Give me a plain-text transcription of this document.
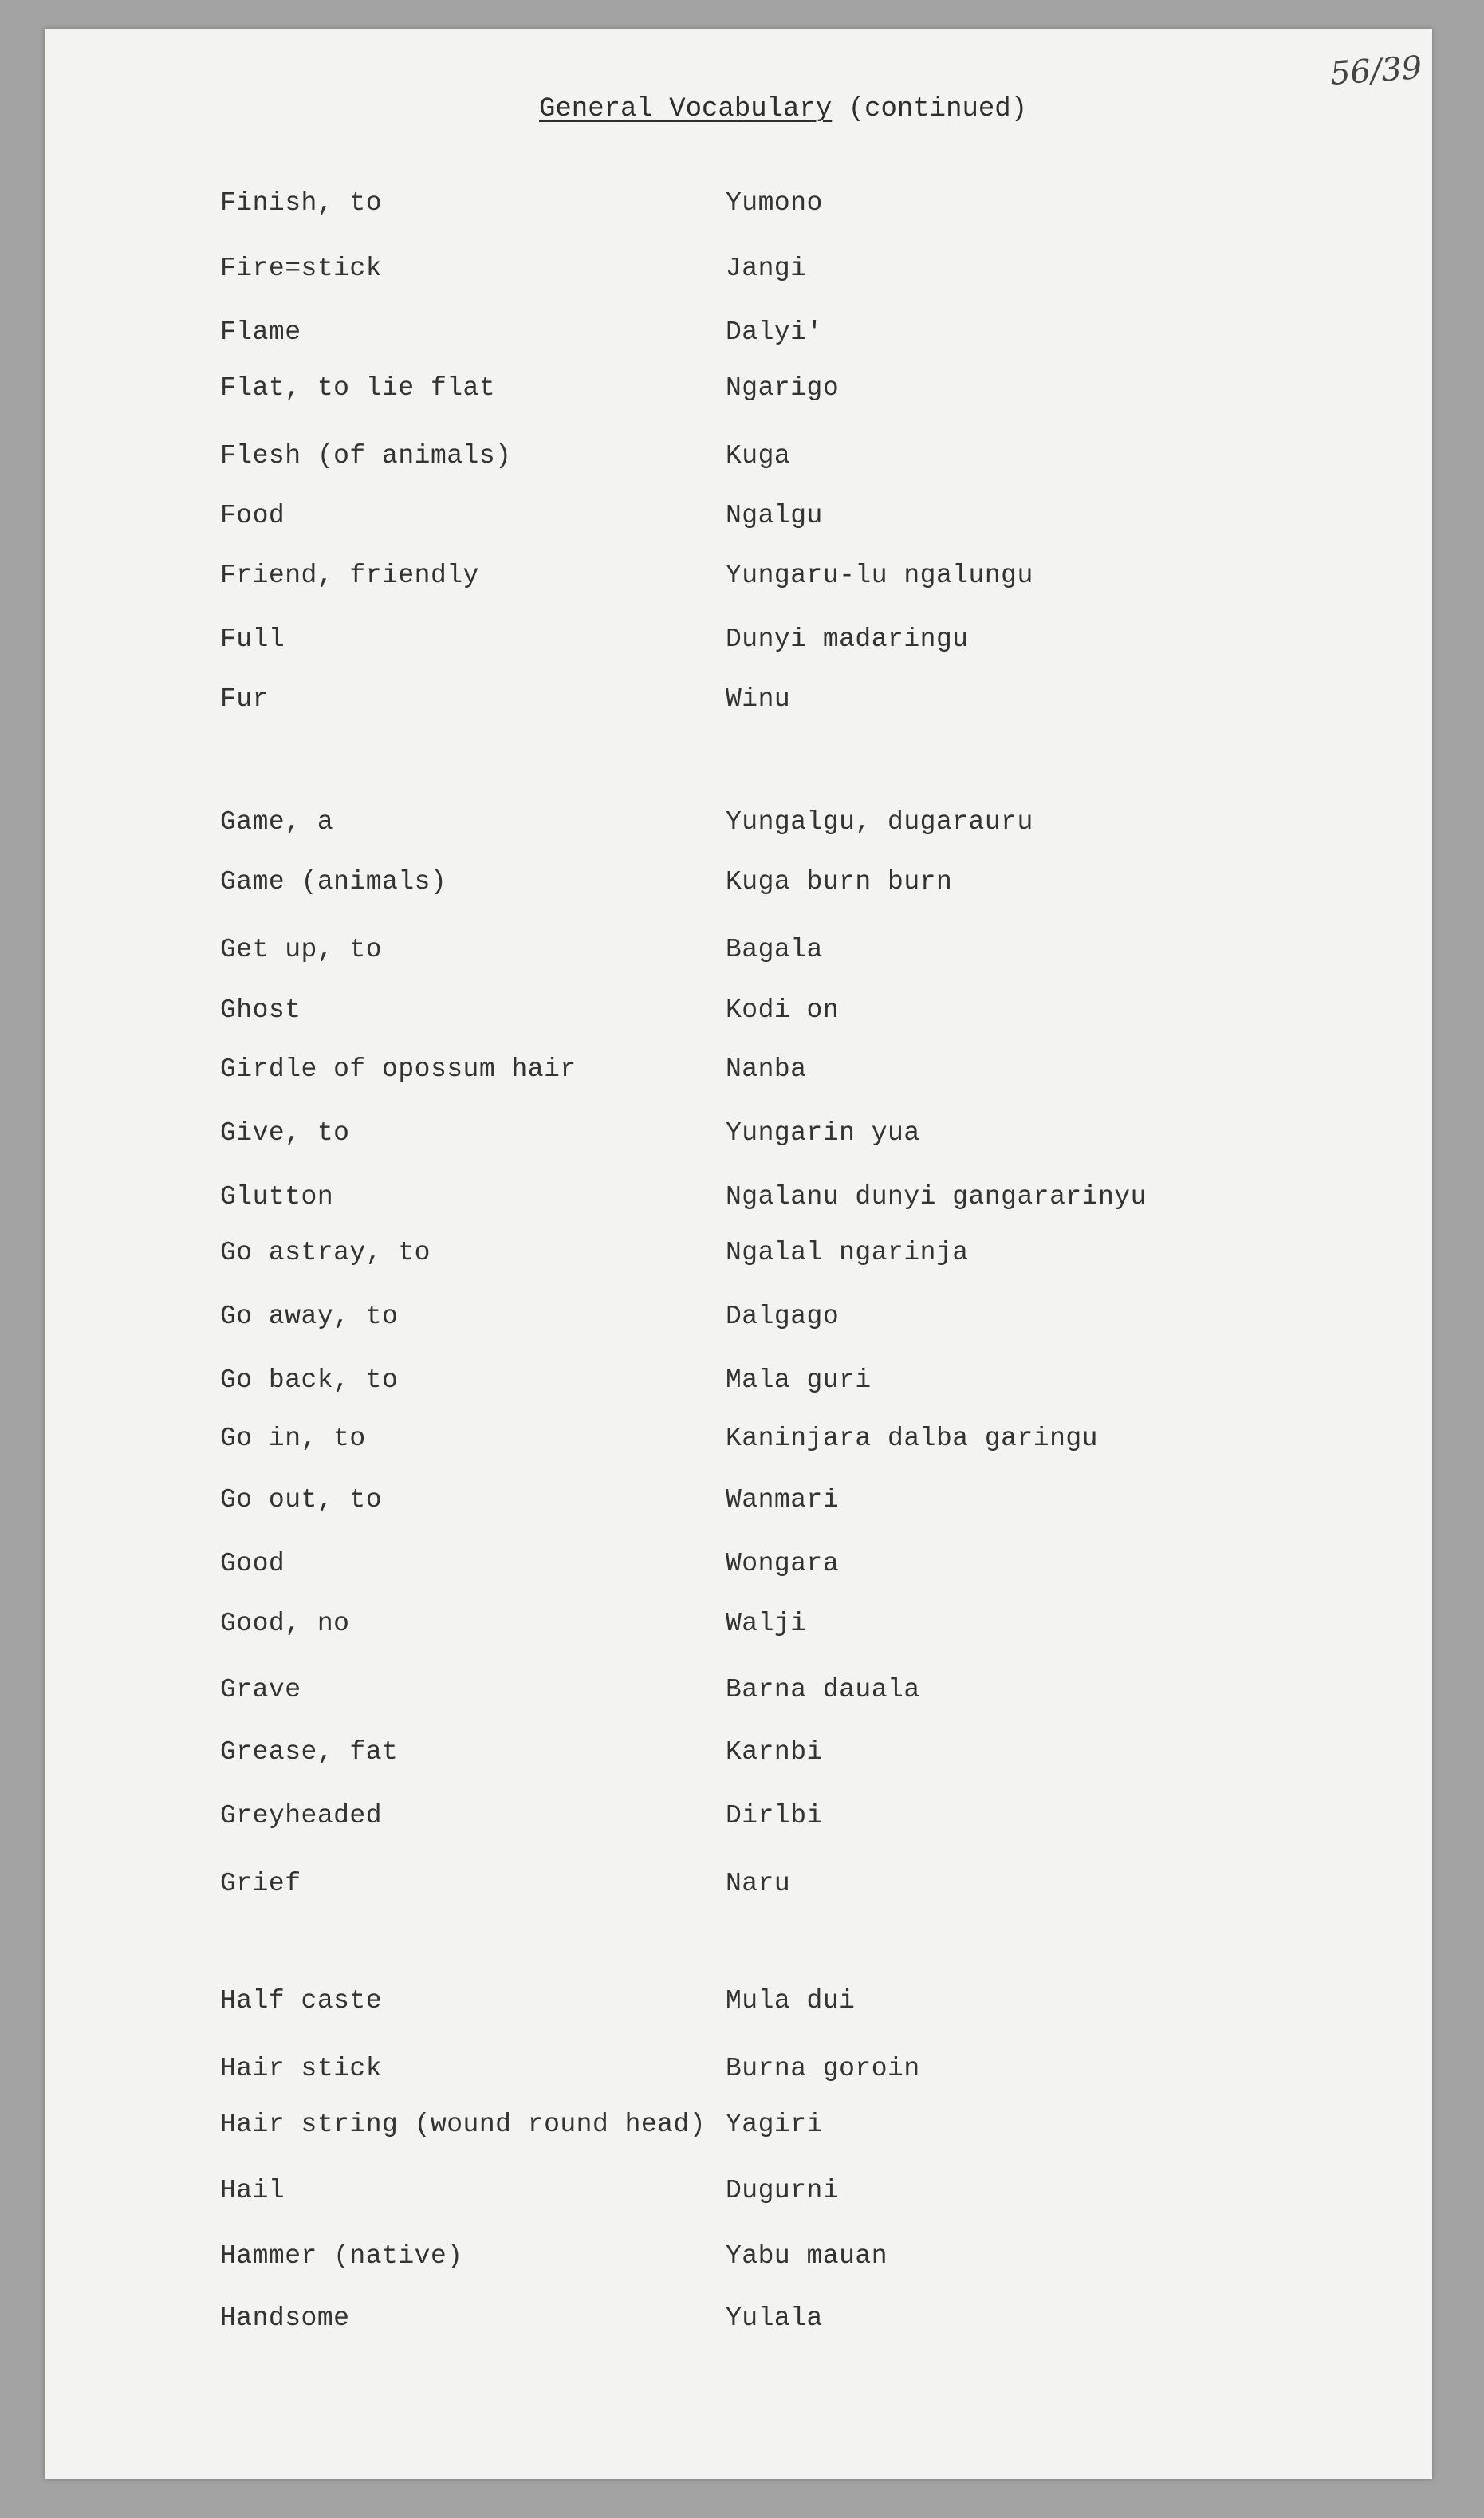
56/39
General Vocabulary (continued)
Finish, to	Yumono
Fire=stick	Jangi
Flame	Dalyi'
Flat, to lie flat	Ngarigo
Flesh (of animals)	Kuga
Food	Ngalgu
Friend, friendly	Yungaru-lu ngalungu
Full	Dunyi madaringu
Fur	Winu
Game, a	Yungalgu, dugarauru
Game (animals)	Kuga burn burn
Get up, to	Bagala
Ghost	Kodi on
Girdle of opossum hair	Nanba
Give, to	Yungarin yua
Glutton	Ngalanu dunyi gangararinyu
Go astray, to	Ngalal ngarinja
Go away, to	Dalgago
Go back, to	Mala guri
Go in, to	Kaninjara dalba garingu
Go out, to	Wanmari
Good	Wongara
Good, no	Walji
Grave	Barna dauala
Grease, fat	Karnbi
Greyheaded	Dirlbi
Grief	Naru
Half caste	Mula dui
Hair stick	Burna goroin
Hair string (wound round head) Yagiri
Hail	Dugurni
Hammer (native)	Yabu mauan
Handsome	Yulala
